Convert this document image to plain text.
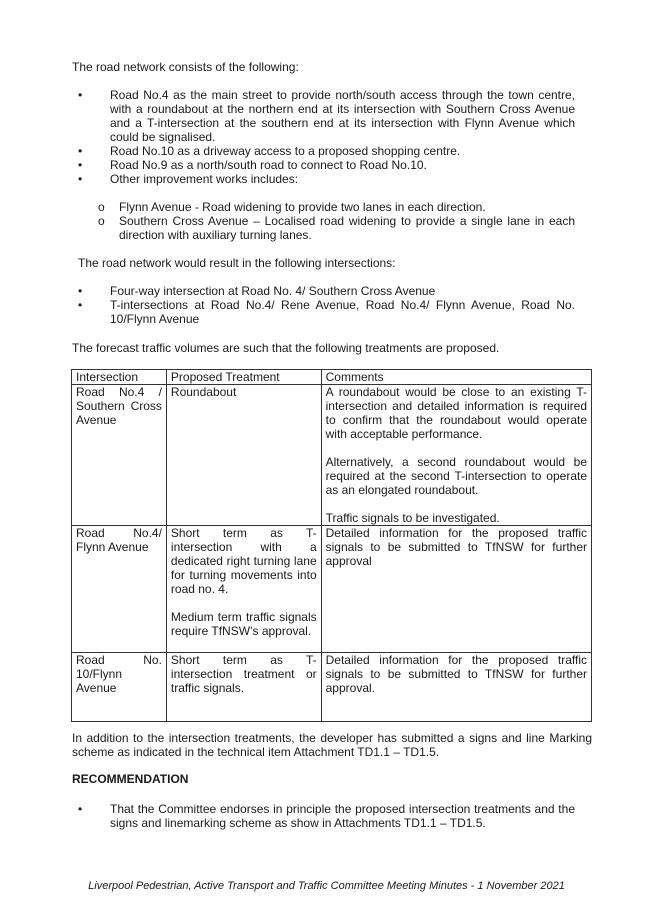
The road network consists of the following:
• Road No.4 as the main street to provide north/south access through the town centre, with a roundabout at the northern end at its intersection with Southern Cross Avenue and a T-intersection at the southern end at its intersection with Flynn Avenue which could be signalised.
• Road No.10 as a driveway access to a proposed shopping centre.
• Road No.9 as a north/south road to connect to Road No.10.
• Other improvement works includes:
o Flynn Avenue - Road widening to provide two lanes in each direction.
o Southern Cross Avenue – Localised road widening to provide a single lane in each direction with auxiliary turning lanes.
The road network would result in the following intersections:
• Four-way intersection at Road No. 4/ Southern Cross Avenue
• T-intersections at Road No.4/ Rene Avenue, Road No.4/ Flynn Avenue, Road No. 10/Flynn Avenue
The forecast traffic volumes are such that the following treatments are proposed.
Intersection	Proposed Treatment	Comments
Road No.4 / Southern Cross Avenue	Roundabout	A roundabout would be close to an existing T-intersection and detailed information is required to confirm that the roundabout would operate with acceptable performance.
Alternatively, a second roundabout would be required at the second T-intersection to operate as an elongated roundabout.
Traffic signals to be investigated.

Road No.4/ Flynn Avenue	Short term as T-intersection with a dedicated right turning lane for turning movements into road no. 4.
Medium term traffic signals require TfNSW’s approval.	Detailed information for the proposed traffic signals to be submitted to TfNSW for further approval
Road No. 10/Flynn Avenue	Short term as T-intersection treatment or traffic signals.	Detailed information for the proposed traffic signals to be submitted to TfNSW for further approval.
In addition to the intersection treatments, the developer has submitted a signs and line Marking scheme as indicated in the technical item Attachment TD1.1 – TD1.5.
RECOMMENDATION
• That the Committee endorses in principle the proposed intersection treatments and the signs and linemarking scheme as show in Attachments TD1.1 – TD1.5.
Liverpool Pedestrian, Active Transport and Traffic Committee Meeting Minutes - 1 November 2021
